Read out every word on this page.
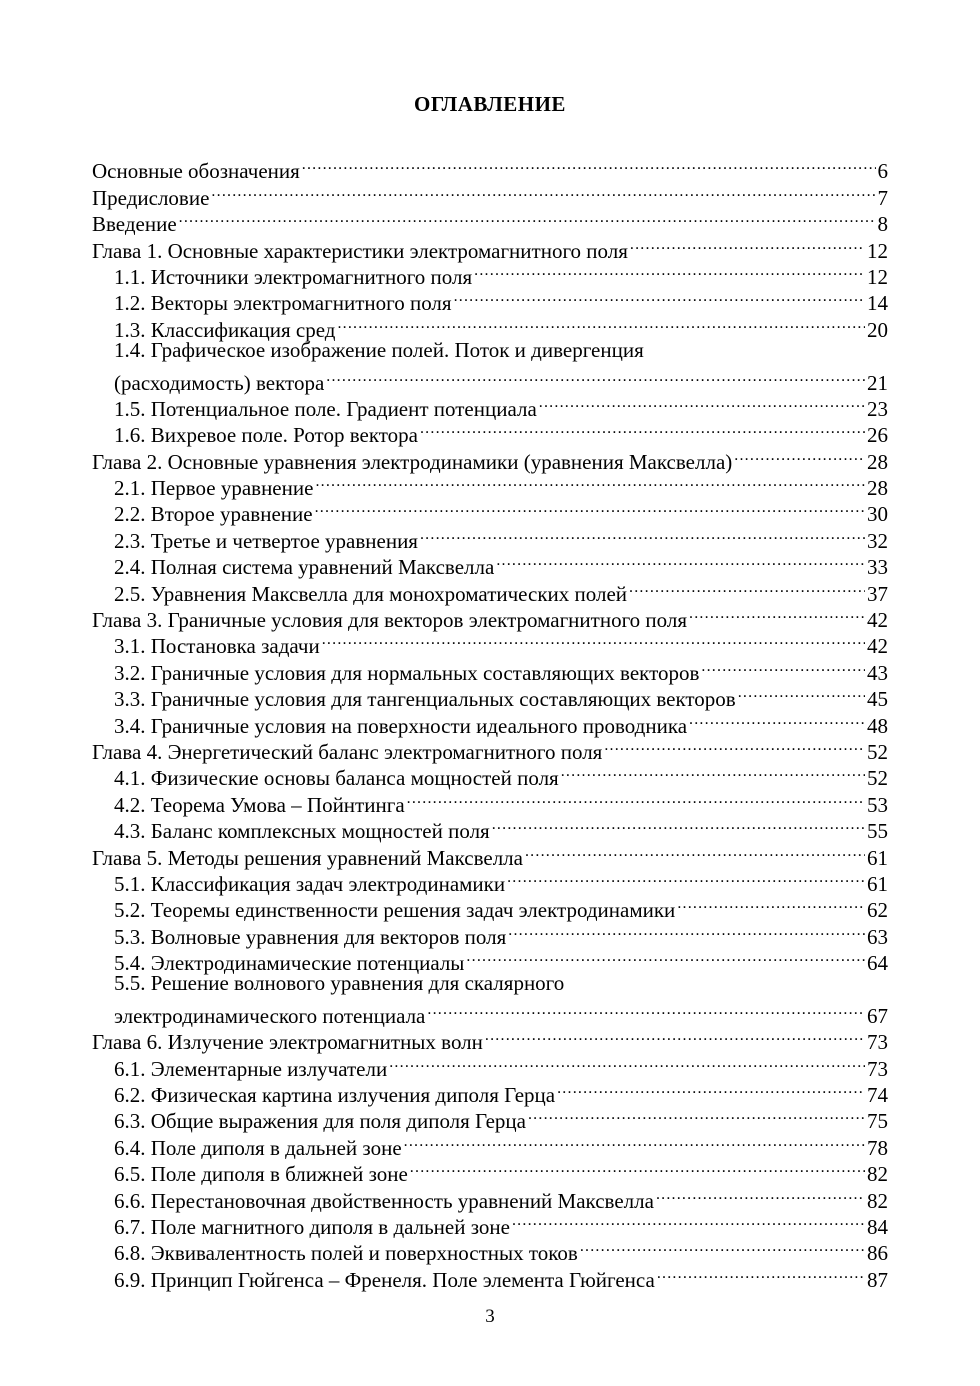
ОГЛАВЛЕНИЕ
Основные обозначения .....	6
Предисловие .....	7
Введение .....	8
Глава 1. Основные характеристики электромагнитного поля .....	12
1.1. Источники электромагнитного поля .....	12
1.2. Векторы электромагнитного поля .....	14
1.3. Классификация сред .....	20
1.4. Графическое изображение полей. Поток и дивергенция
(расходимость) вектора .....	21
1.5. Потенциальное поле. Градиент потенциала .....	23
1.6. Вихревое поле. Ротор вектора .....	26
Глава 2. Основные уравнения электродинамики (уравнения Максвелла) .....	28
2.1. Первое уравнение .....	28
2.2. Второе уравнение .....	30
2.3. Третье и четвертое уравнения .....	32
2.4. Полная система уравнений Максвелла .....	33
2.5. Уравнения Максвелла для монохроматических полей .....	37
Глава 3. Граничные условия для векторов электромагнитного поля .....	42
3.1. Постановка задачи .....	42
3.2. Граничные условия для нормальных составляющих векторов .....	43
3.3. Граничные условия для тангенциальных составляющих векторов .....	45
3.4. Граничные условия на поверхности идеального проводника .....	48
Глава 4. Энергетический баланс электромагнитного поля .....	52
4.1. Физические основы баланса мощностей поля .....	52
4.2. Теорема Умова – Пойнтинга .....	53
4.3. Баланс комплексных мощностей поля .....	55
Глава 5. Методы решения уравнений Максвелла .....	61
5.1. Классификация задач электродинамики .....	61
5.2. Теоремы единственности решения задач электродинамики .....	62
5.3. Волновые уравнения для векторов поля .....	63
5.4. Электродинамические потенциалы .....	64
5.5. Решение волнового уравнения для скалярного
электродинамического потенциала .....	67
Глава 6. Излучение электромагнитных волн .....	73
6.1. Элементарные излучатели .....	73
6.2. Физическая картина излучения диполя Герца .....	74
6.3. Общие выражения для поля диполя Герца .....	75
6.4. Поле диполя в дальней зоне .....	78
6.5. Поле диполя в ближней зоне .....	82
6.6. Перестановочная двойственность уравнений Максвелла .....	82
6.7. Поле магнитного диполя в дальней зоне .....	84
6.8. Эквивалентность полей и поверхностных токов .....	86
6.9. Принцип Гюйгенса – Френеля. Поле элемента Гюйгенса .....	87
3
